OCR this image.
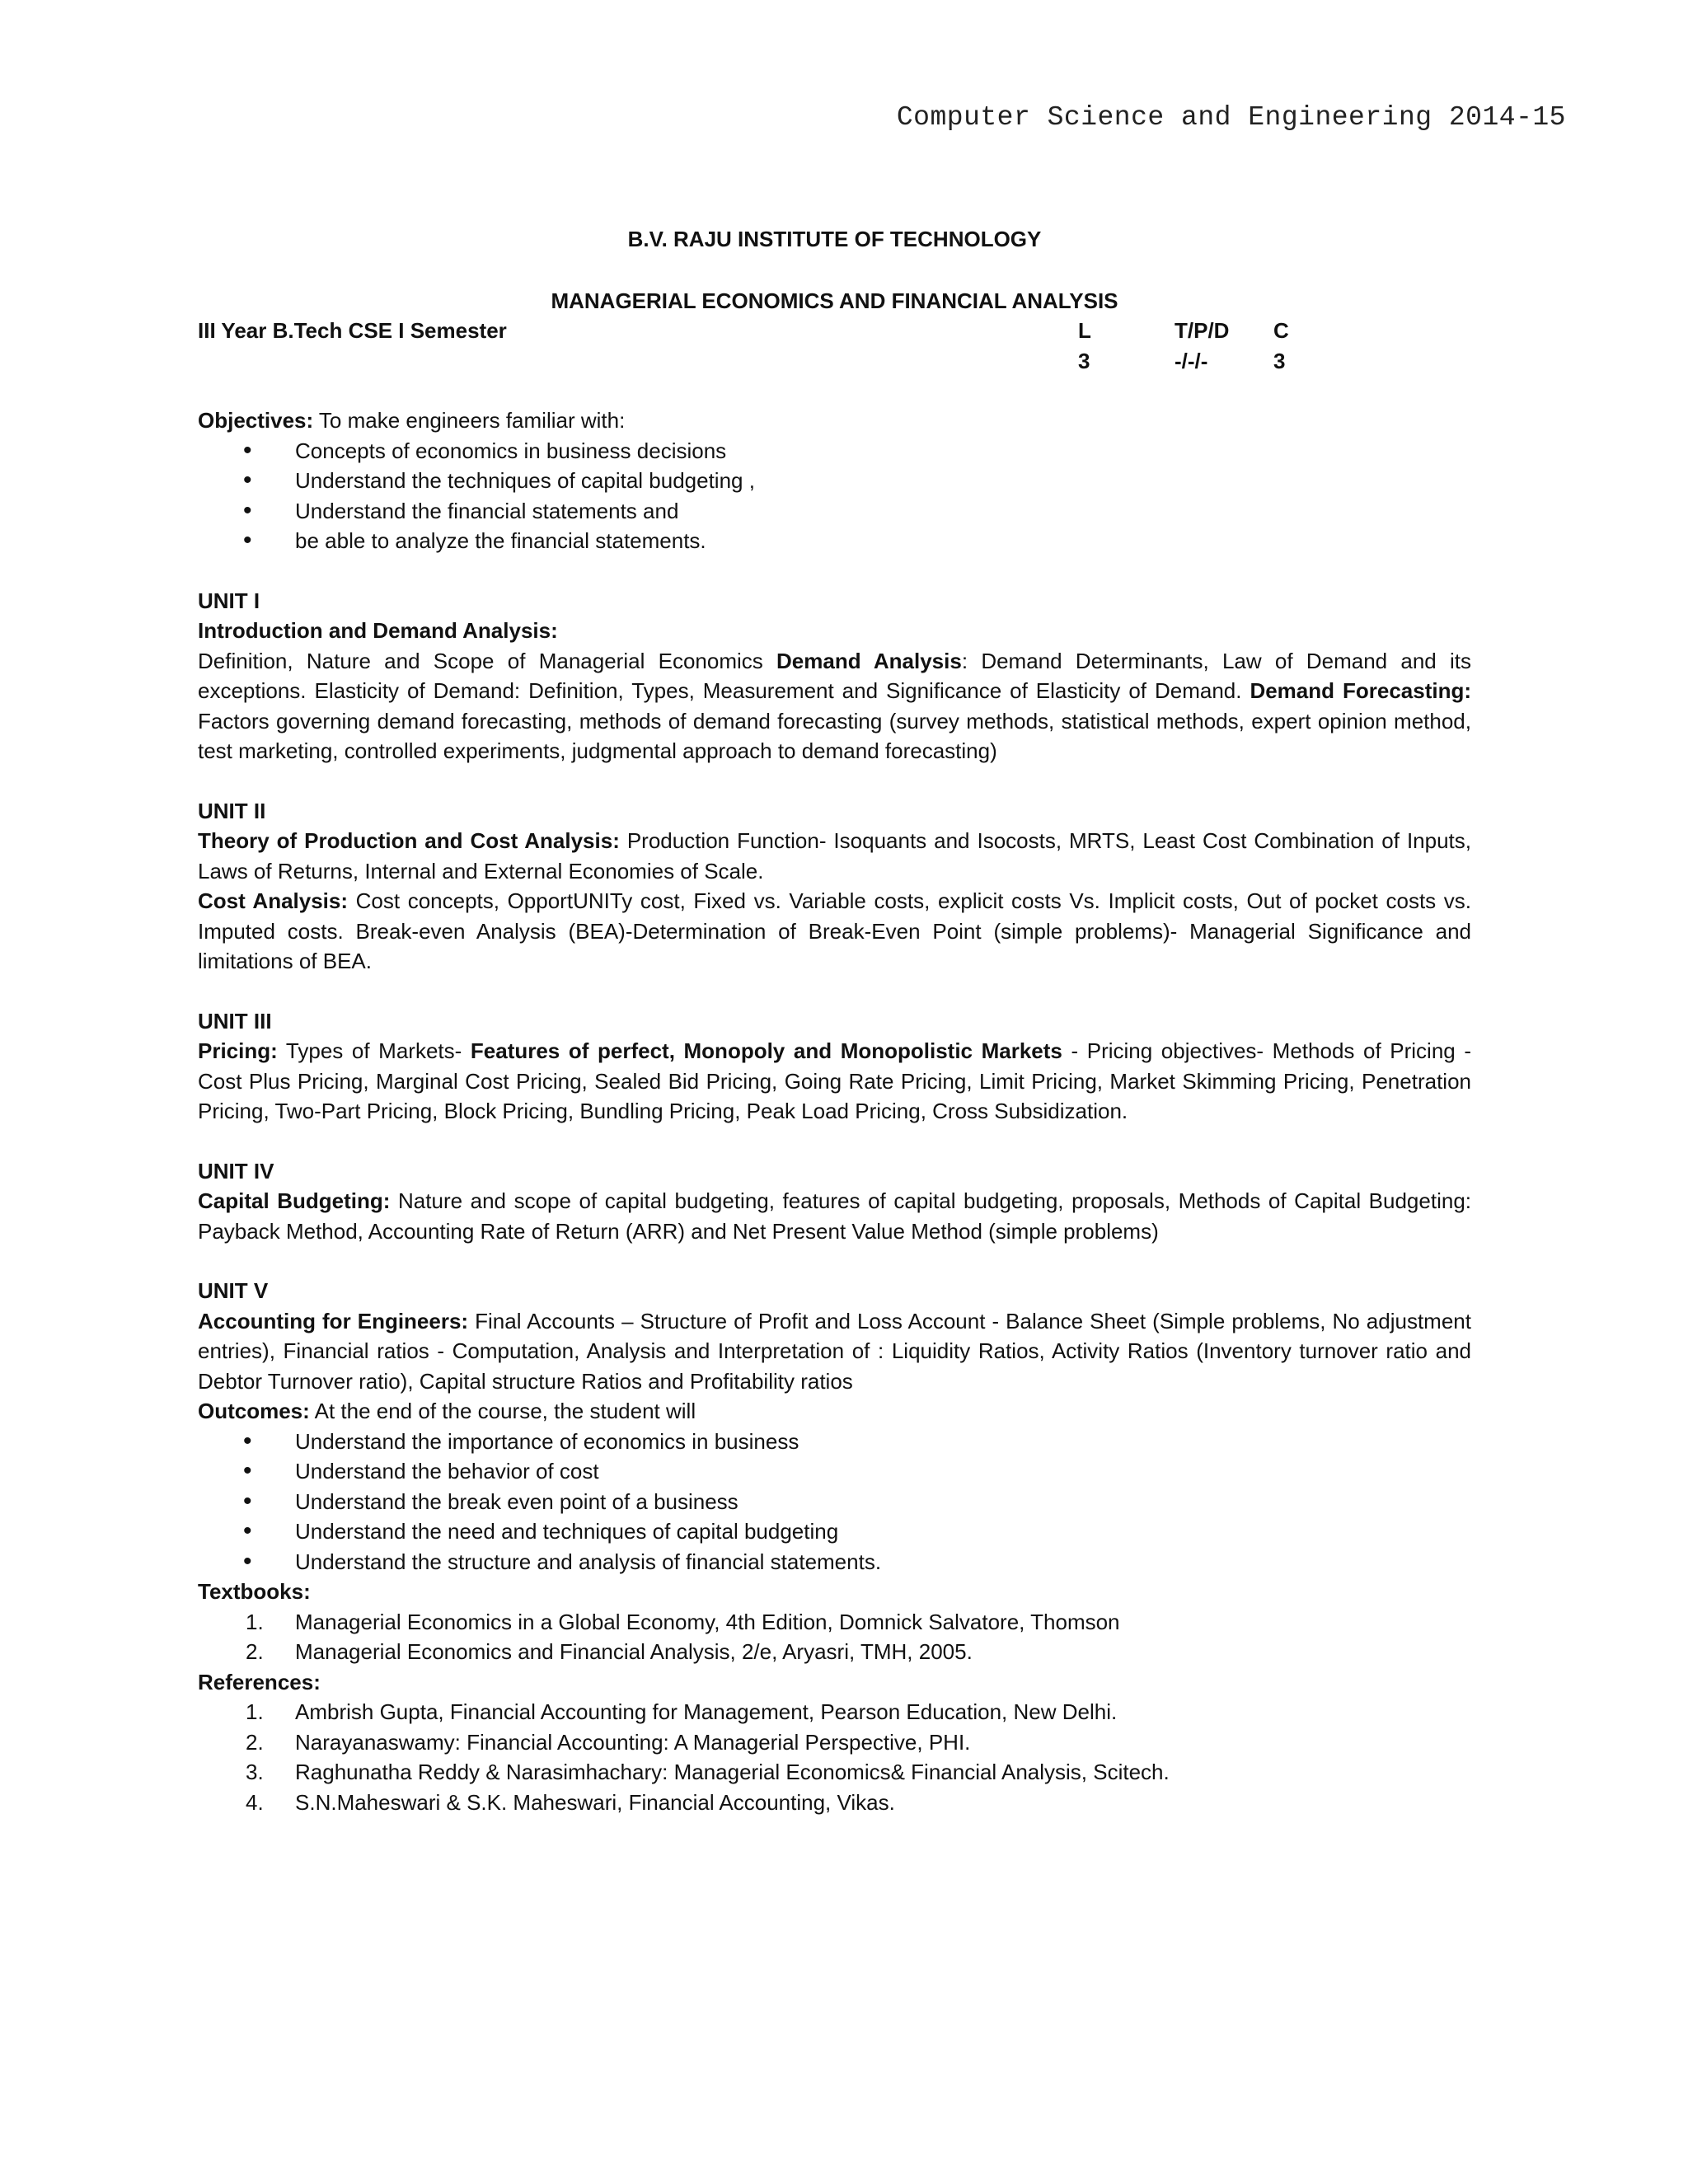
Computer Science and Engineering 2014-15
B.V. RAJU INSTITUTE OF TECHNOLOGY
MANAGERIAL ECONOMICS AND FINANCIAL ANALYSIS
III Year B.Tech CSE I Semester	L
3
T/P/D
-/-/-
C
3
Objectives: To make engineers familiar with:
• Concepts of economics in business decisions
• Understand the techniques of capital budgeting ,
• Understand the financial statements and
• be able to analyze the financial statements.
UNIT I
Introduction and Demand Analysis:
Definition, Nature and Scope of Managerial Economics Demand Analysis: Demand Determinants, Law of Demand and its exceptions. Elasticity of Demand: Definition, Types, Measurement and Significance of Elasticity of Demand. Demand Forecasting: Factors governing demand forecasting, methods of demand forecasting (survey methods, statistical methods, expert opinion method, test marketing, controlled experiments, judgmental approach to demand forecasting)
UNIT II
Theory of Production and Cost Analysis: Production Function- Isoquants and Isocosts, MRTS, Least Cost Combination of Inputs, Laws of Returns, Internal and External Economies of Scale.
Cost Analysis: Cost concepts, OpportUNITy cost, Fixed vs. Variable costs, explicit costs Vs. Implicit costs, Out of pocket costs vs. Imputed costs. Break-even Analysis (BEA)-Determination of Break-Even Point (simple problems)- Managerial Significance and limitations of BEA.
UNIT III
Pricing: Types of Markets- Features of perfect, Monopoly and Monopolistic Markets - Pricing objectives- Methods of Pricing - Cost Plus Pricing, Marginal Cost Pricing, Sealed Bid Pricing, Going Rate Pricing, Limit Pricing, Market Skimming Pricing, Penetration Pricing, Two-Part Pricing, Block Pricing, Bundling Pricing, Peak Load Pricing, Cross Subsidization.
UNIT IV
Capital Budgeting: Nature and scope of capital budgeting, features of capital budgeting, proposals, Methods of Capital Budgeting: Payback Method, Accounting Rate of Return (ARR) and Net Present Value Method (simple problems)
UNIT V
Accounting for Engineers: Final Accounts – Structure of Profit and Loss Account - Balance Sheet (Simple problems, No adjustment entries), Financial ratios - Computation, Analysis and Interpretation of : Liquidity Ratios, Activity Ratios (Inventory turnover ratio and Debtor Turnover ratio), Capital structure Ratios and Profitability ratios
Outcomes: At the end of the course, the student will
• Understand the importance of economics in business
• Understand the behavior of cost
• Understand the break even point of a business
• Understand the need and techniques of capital budgeting
• Understand the structure and analysis of financial statements.
Textbooks:
1. Managerial Economics in a Global Economy, 4th Edition, Domnick Salvatore, Thomson
2. Managerial Economics and Financial Analysis, 2/e, Aryasri, TMH, 2005.
References:
1. Ambrish Gupta, Financial Accounting for Management, Pearson Education, New Delhi.
2. Narayanaswamy: Financial Accounting: A Managerial Perspective, PHI.
3. Raghunatha Reddy & Narasimhachary: Managerial Economics& Financial Analysis, Scitech.
4. S.N.Maheswari & S.K. Maheswari, Financial Accounting, Vikas.
